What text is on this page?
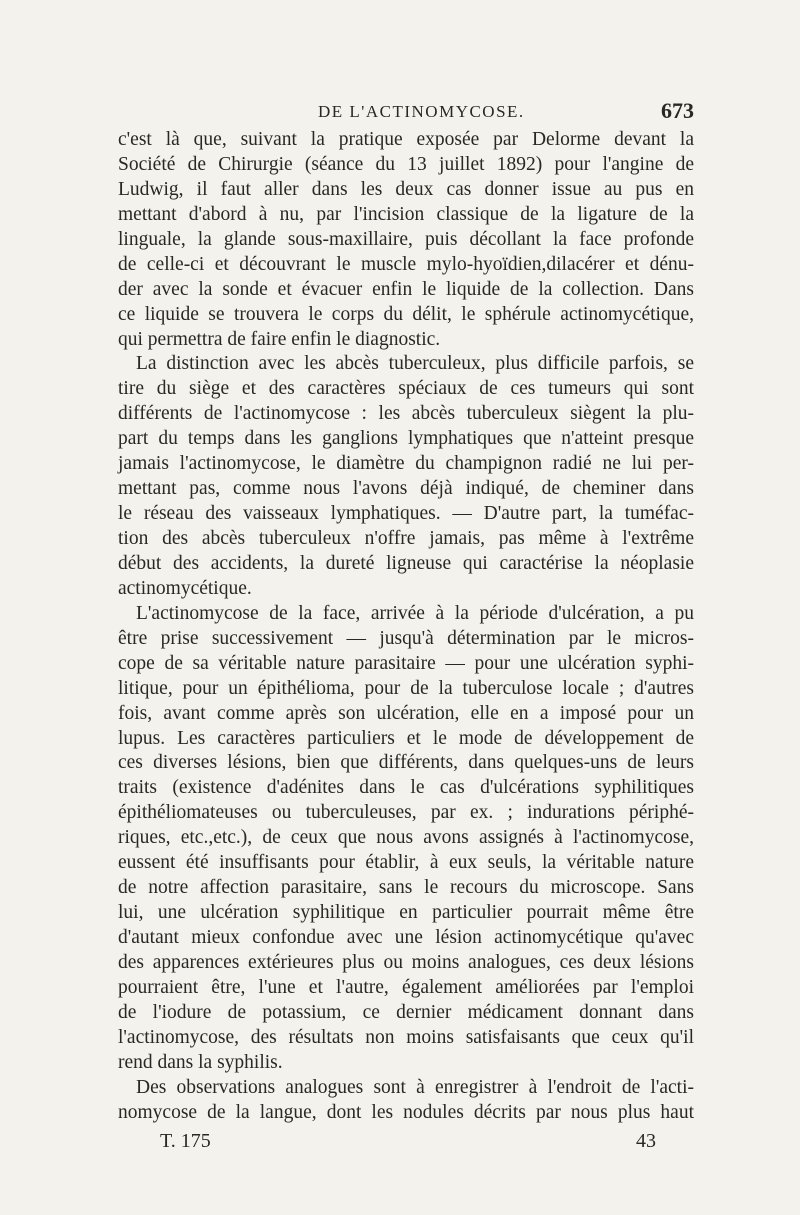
DE L'ACTINOMYCOSE.	673
c'est là que, suivant la pratique exposée par Delorme devant la
Société de Chirurgie (séance du 13 juillet 1892) pour l'angine de
Ludwig, il faut aller dans les deux cas donner issue au pus en
mettant d'abord à nu, par l'incision classique de la ligature de la
linguale, la glande sous-maxillaire, puis décollant la face profonde
de celle-ci et découvrant le muscle mylo-hyoïdien,dilacérer et dénu-
der avec la sonde et évacuer enfin le liquide de la collection. Dans
ce liquide se trouvera le corps du délit, le sphérule actinomycétique,
qui permettra de faire enfin le diagnostic.
La distinction avec les abcès tuberculeux, plus difficile parfois, se
tire du siège et des caractères spéciaux de ces tumeurs qui sont
différents de l'actinomycose : les abcès tuberculeux siègent la plu-
part du temps dans les ganglions lymphatiques que n'atteint presque
jamais l'actinomycose, le diamètre du champignon radié ne lui per-
mettant pas, comme nous l'avons déjà indiqué, de cheminer dans
le réseau des vaisseaux lymphatiques. — D'autre part, la tuméfac-
tion des abcès tuberculeux n'offre jamais, pas même à l'extrême
début des accidents, la dureté ligneuse qui caractérise la néoplasie
actinomycétique.
L'actinomycose de la face, arrivée à la période d'ulcération, a pu
être prise successivement — jusqu'à détermination par le micros-
cope de sa véritable nature parasitaire — pour une ulcération syphi-
litique, pour un épithélioma, pour de la tuberculose locale ; d'autres
fois, avant comme après son ulcération, elle en a imposé pour un
lupus. Les caractères particuliers et le mode de développement de
ces diverses lésions, bien que différents, dans quelques-uns de leurs
traits (existence d'adénites dans le cas d'ulcérations syphilitiques
épithéliomateuses ou tuberculeuses, par ex. ; indurations périphé-
riques, etc.,etc.), de ceux que nous avons assignés à l'actinomycose,
eussent été insuffisants pour établir, à eux seuls, la véritable nature
de notre affection parasitaire, sans le recours du microscope. Sans
lui, une ulcération syphilitique en particulier pourrait même être
d'autant mieux confondue avec une lésion actinomycétique qu'avec
des apparences extérieures plus ou moins analogues, ces deux lésions
pourraient être, l'une et l'autre, également améliorées par l'emploi
de l'iodure de potassium, ce dernier médicament donnant dans
l'actinomycose, des résultats non moins satisfaisants que ceux qu'il
rend dans la syphilis.
Des observations analogues sont à enregistrer à l'endroit de l'acti-
nomycose de la langue, dont les nodules décrits par nous plus haut
T. 175	43
